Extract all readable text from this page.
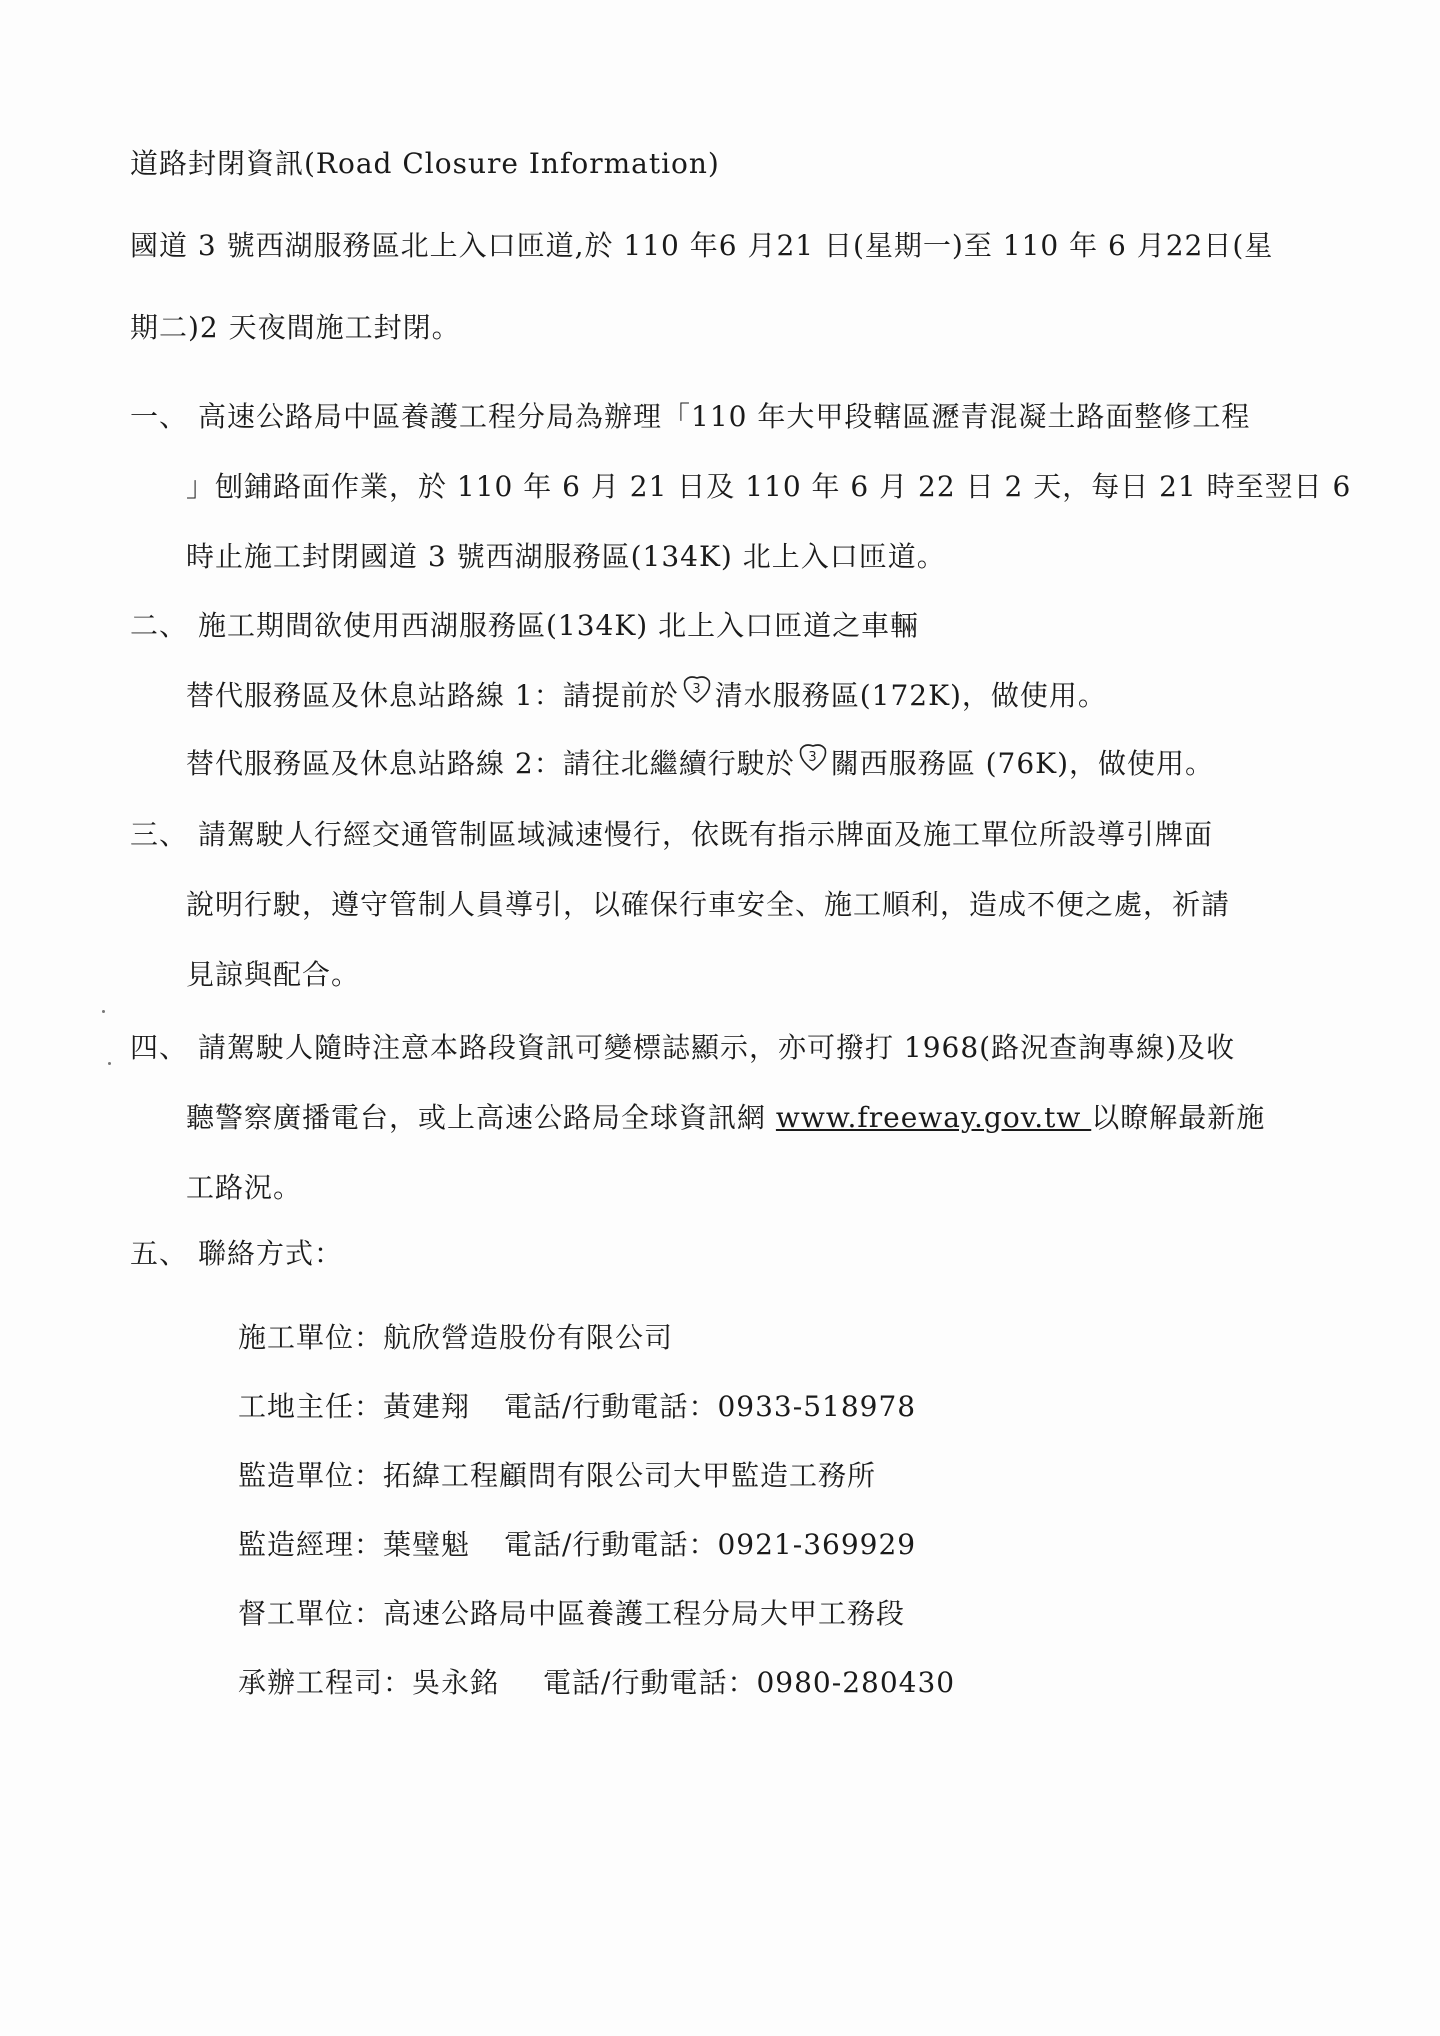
道路封閉資訊(Road Closure Information)
國道 3 號西湖服務區北上入口匝道,於 110 年6 月21 日(星期一)至 110 年 6 月22日(星
期二)2 天夜間施工封閉。
一、 高速公路局中區養護工程分局為辦理「110 年大甲段轄區瀝青混凝土路面整修工程
」刨鋪路面作業，於 110 年 6 月 21 日及 110 年 6 月 22 日 2 天，每日 21 時至翌日 6
時止施工封閉國道 3 號西湖服務區(134K) 北上入口匝道。
二、 施工期間欲使用西湖服務區(134K) 北上入口匝道之車輛
替代服務區及休息站路線 1：請提前於 3 清水服務區(172K)，做使用。
替代服務區及休息站路線 2：請往北繼續行駛於 3 關西服務區 (76K)，做使用。
三、 請駕駛人行經交通管制區域減速慢行，依既有指示牌面及施工單位所設導引牌面
說明行駛，遵守管制人員導引，以確保行車安全、施工順利，造成不便之處，祈請
見諒與配合。
四、 請駕駛人隨時注意本路段資訊可變標誌顯示，亦可撥打 1968(路況查詢專線)及收
聽警察廣播電台，或上高速公路局全球資訊網 www.freeway.gov.tw 以瞭解最新施
工路況。
五、 聯絡方式：
施工單位：航欣營造股份有限公司
工地主任：黃建翔 電話/行動電話：0933-518978
監造單位：拓緯工程顧問有限公司大甲監造工務所
監造經理：葉璧魁 電話/行動電話：0921-369929
督工單位：高速公路局中區養護工程分局大甲工務段
承辦工程司：吳永銘 電話/行動電話：0980-280430
